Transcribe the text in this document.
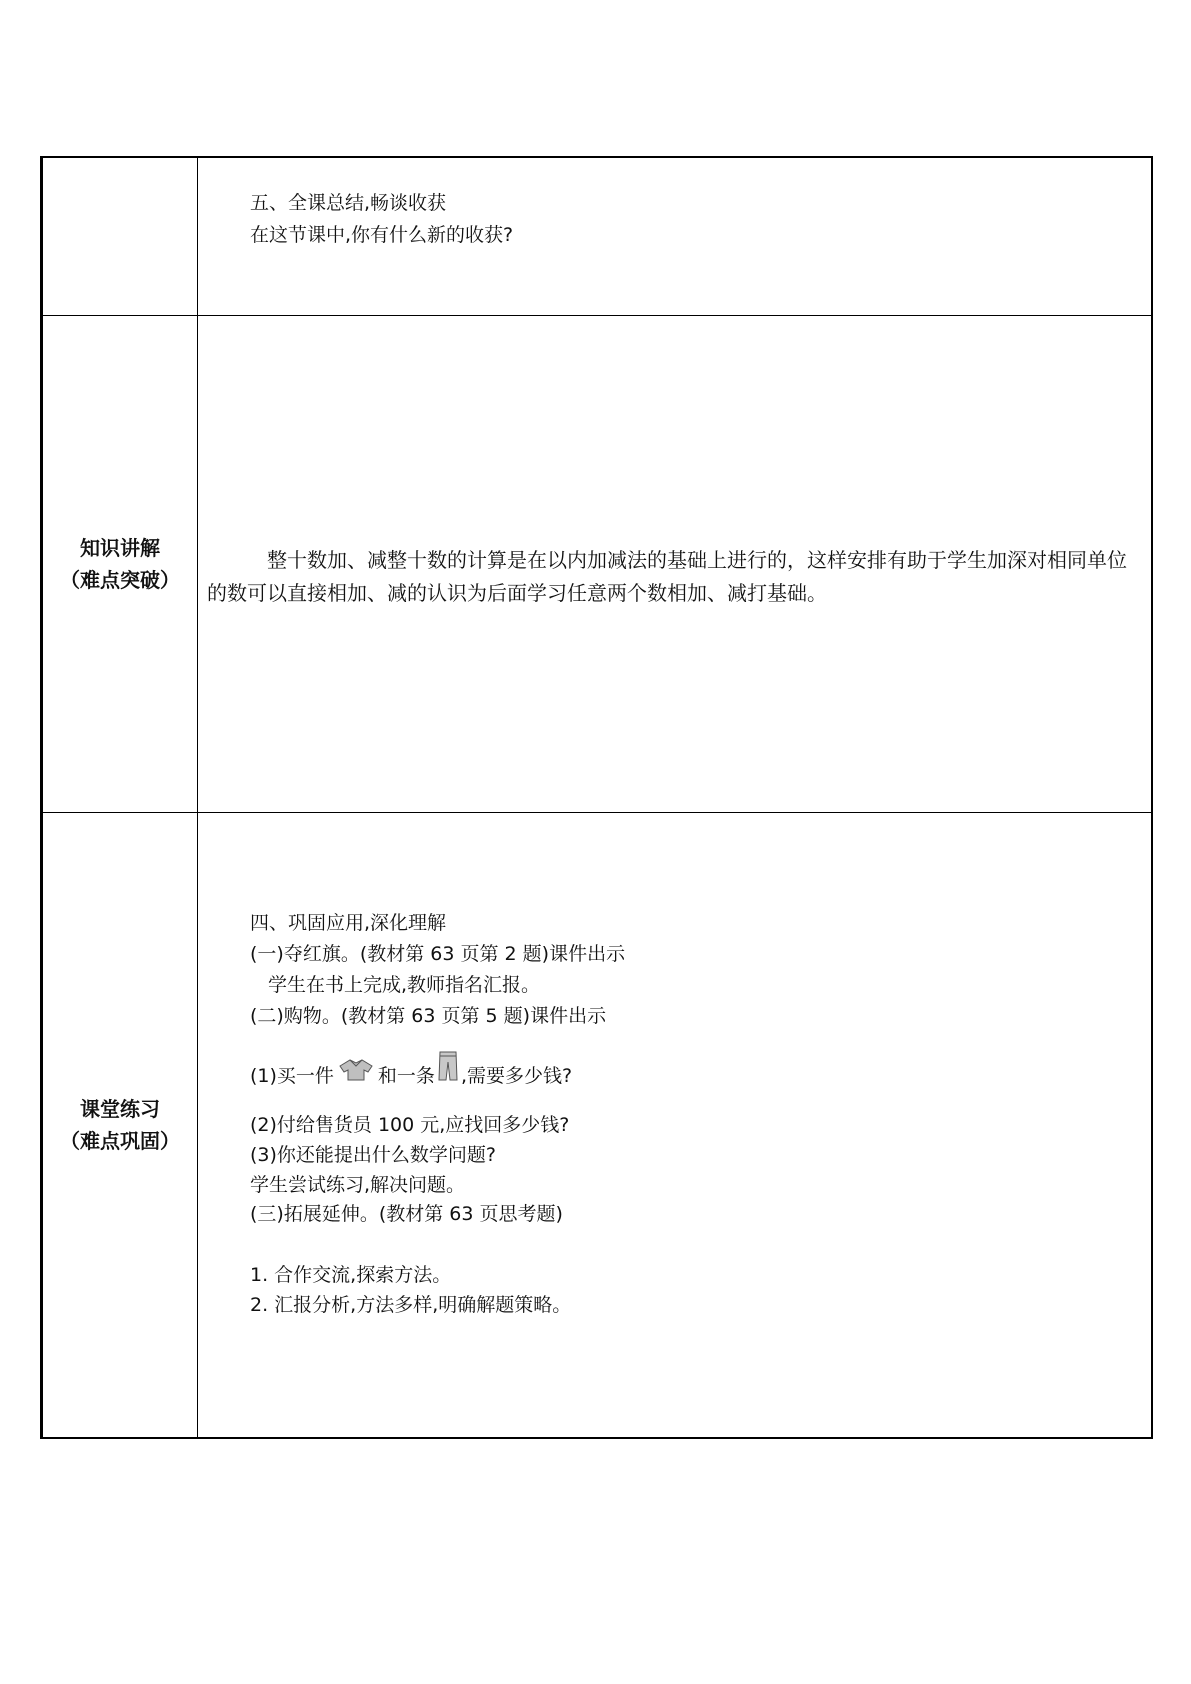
五、全课总结,畅谈收获
在这节课中,你有什么新的收获?
知识讲解
（难点突破）
整十数加、减整十数的计算是在以内加减法的基础上进行的，这样安排有助于学生加深对相同单位的数可以直接相加、减的认识为后面学习任意两个数相加、减打基础。
课堂练习
（难点巩固）
四、巩固应用,深化理解
(一)夺红旗。(教材第 63 页第 2 题)课件出示
学生在书上完成,教师指名汇报。
(二)购物。(教材第 63 页第 5 题)课件出示
(1)买一件 和一条 ,需要多少钱?
(2)付给售货员 100 元,应找回多少钱?
(3)你还能提出什么数学问题?
学生尝试练习,解决问题。
(三)拓展延伸。(教材第 63 页思考题)
1. 合作交流,探索方法。
2. 汇报分析,方法多样,明确解题策略。
